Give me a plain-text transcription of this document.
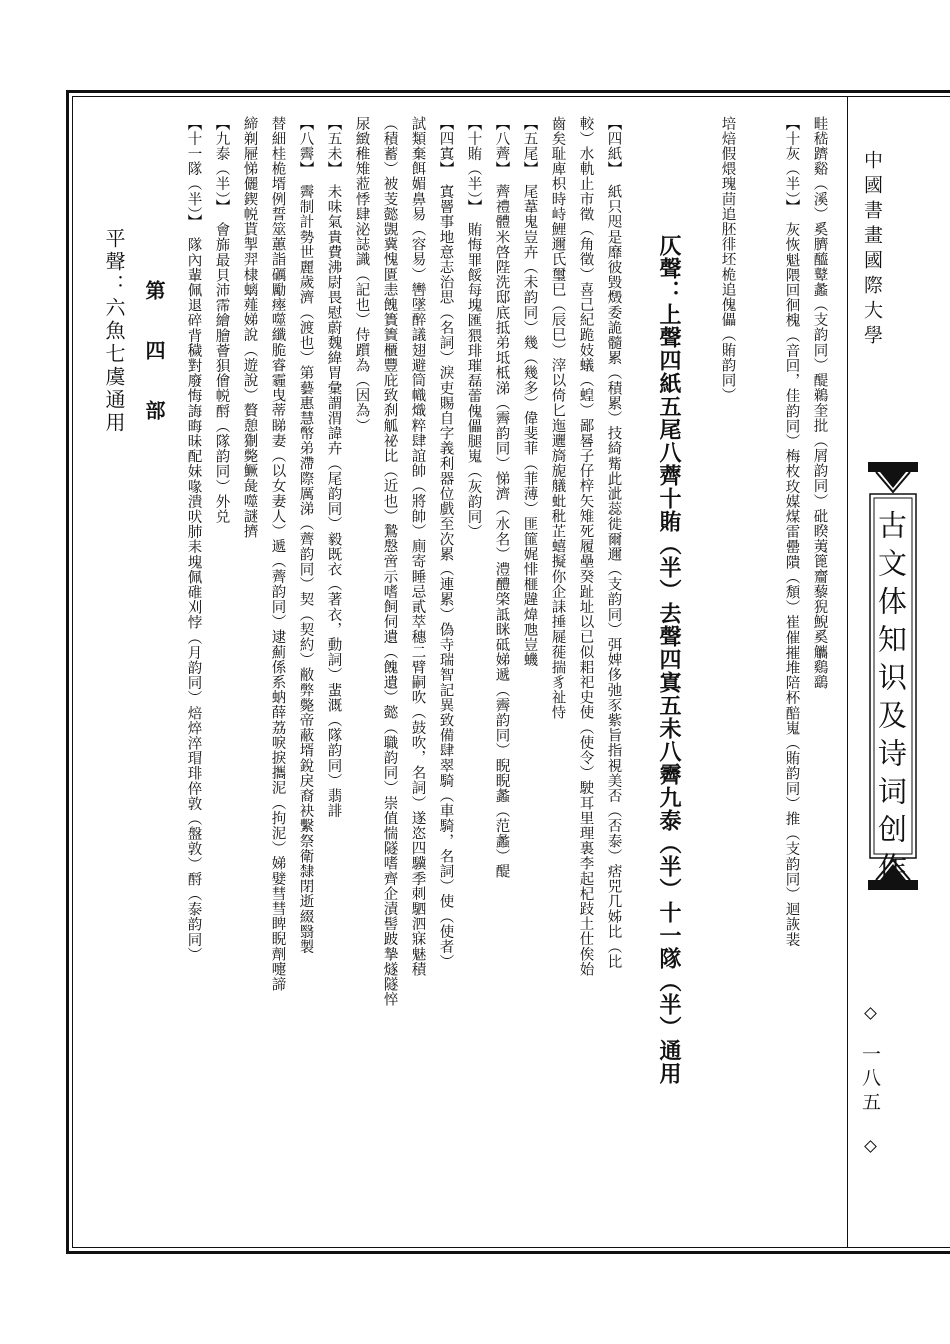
中國書畫國際大學
古文体知识及诗词创作
一八五
畦嵇躋谿（溪）奚臍醯鼙蠡（支韵同）醍鵜奎批（屑韵同）砒睽荑篦齏藜猊鯢奚觿鷄鷂
【十灰（半）】　灰恢魁隈回徊槐（音回，佳韵同）梅枚玫媒煤雷罍隤（頽）崔催摧堆陪杯醅嵬（賄韵同）推（支韵同）迴詼裴
培焙假煨瑰茴追胚徘坯桅追傀儡（賄韵同）
仄聲：上聲四紙五尾八薺十賄（半）去聲四寘五未八霽九泰（半）十一隊（半）通用
【四紙】　紙只咫是靡彼毀燬委詭髓累（積累）技綺觜此泚蕊徙爾邇（支韵同）弭婢侈弛豕紫旨指視美否（否泰）痞兕几姊比（比
較）水軌止市徵（角徵）喜己紀跪妓蟻（蝗）鄙晷子仔梓矢雉死履壘癸趾址以已似耜祀史使（使令）駛耳里理裏李起杞跂土仕俟始
齒矣耻庳枳時峙鯉邇氏璽巳（辰巳）滓以倚匕迤邐旖旎艤蚍秕芷蟢擬你企誄捶屣蓰揣豸祉恃
【五尾】　尾葦鬼豈卉（未韵同）幾（幾多）偉斐菲（菲薄）匪篚娓悱榧韙煒虺豈蟣
【八薺】　薺禮體米啓陛洗邸底抵弟坻柢涕（霽韵同）悌濟（水名）澧醴棨詆眯砥娣遞（霽韵同）睨睨蠡（范蠡）醍
【十賄（半）】　賄悔罪餒每塊匯猥琲璀磊蕾傀儡腿嵬（灰韵同）
【四寘】　寘罾事地意志治思（名詞）淚吏賜自字義利器位戲至次累（連累）偽寺瑞智記異致備肆翠騎（車騎，名詞）使（使者）
試類棄餌媚鼻易（容易）轡墜醉議翅避筒幟熾粹肆誼帥（將帥）廁寄睡忌貳萃穗二臂嗣吹（鼓吹，名詞）遂恣四驥季刺駟泗寐魅積
（積蓄）被芰懿覬冀愧匱恚餽簣簀櫃豐庇致刹觚祕比（近也）鷙慇啻示嗜飼伺遺（餽遺）懿（職韵同）崇值惴隧嗜齊企漬髻跛摯燧隧悴
尿緻稚雉蒞悸肆泌誌識（記也）侍躓為（因為）
【五未】　未味氣貴費沸尉畏慰蔚魏緯胃彙謂渭諱卉（尾韵同）毅既衣（著衣，動詞）蜚溉（隊韵同）翡誹
【八霽】　霽制計勢世麗歲濟（渡也）第藝惠慧幣弟滯際厲涕（薺韵同）契（契約）敝弊斃帝蔽壻銳戾裔袂繫祭衛隸閉逝綴翳製
替細桂桅壻例誓筮蕙詣礪勵瘞噬纖脆睿霾曳蒂睇妻（以女妻人）遞（薺韵同）逮薊係系蚋薛荔唳捩攜泥（拘泥）娣嬖彗彗睥睨劑嚏諦
締剃屜悌儷鍥帨貰掣羿棣螭薤娣說（遊說）贅憩猘斃鱖彘噬謎擠
【九泰（半）】　會旆最貝沛霈繪膾薈狽儈帨酹（隊韵同）外兑
【十一隊（半）】　隊內輩佩退碎背穢對廢悔誨晦昧配妹喙潰吠肺耒塊佩碓刈悖（月韵同）焙焠淬瑁琲倅敦（盤敦）酹（泰韵同）
第　四　部
平聲：六魚七虞通用
